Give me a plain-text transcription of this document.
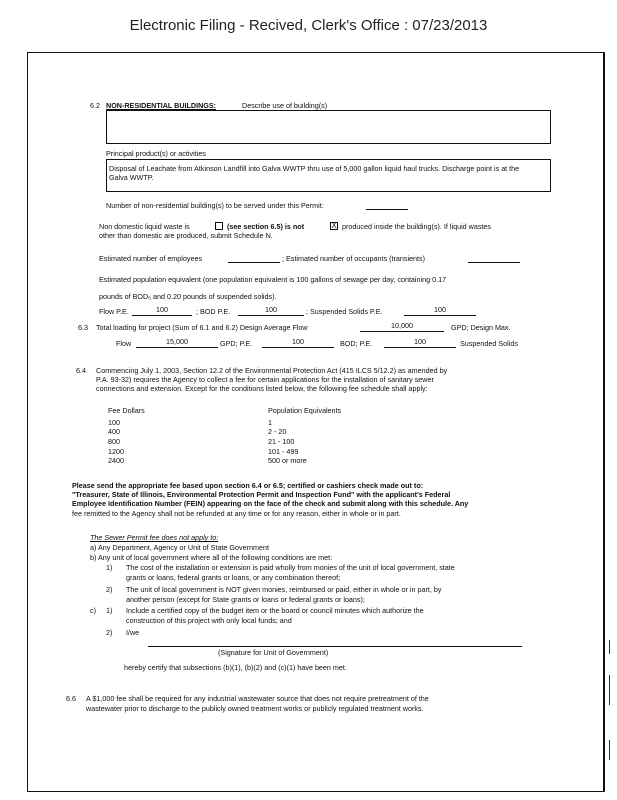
Electronic Filing - Recived, Clerk's Office : 07/23/2013
6.2 NON-RESIDENTIAL BUILDINGS:	Describe use of building(s)
Principal product(s) or activities
Disposal of Leachate from Atkinson Landfill into Galva WWTP thru use of 5,000 gallon liquid haul trucks. Discharge point is at the Galva WWTP.
Number of non-residential building(s) to be served under this Permit:
Non domestic liquid waste is	(see section 6.5) is not	X produced inside the building(s). If liquid wastes
other than domestic are produced, submit Schedule N.
Estimated number of employees	; Estimated number of occupants (transients)
Estimated population equivalent (one population equivalent is 100 gallons of sewage per day, containing 0.17
pounds of BOD₅ and 0.20 pounds of suspended solids).
Flow P.E.	100	; BOD P.E.	100	; Suspended Solids P.E.	100
6.3 Total loading for project (Sum of 6.1 and 6.2) Design Average Flow	10,000	GPD; Design Max.
Flow	15,000	GPD; P.E.	100	BOD; P.E.	100	Suspended Solids
6.4 Commencing July 1, 2003, Section 12.2 of the Environmental Protection Act (415 ILCS 5/12.2) as amended by
P.A. 93-32) requires the Agency to collect a fee for certain applications for the installation of sanitary sewer
connections and extension. Except for the conditions listed below, the following fee schedule shall apply:
Fee Dollars	Population Equivalents
100	1
400	2 - 20
800	21 - 100
1200	101 - 499
2400	500 or more
Please send the appropriate fee based upon section 6.4 or 6.5; certified or cashiers check made out to:
"Treasurer, State of Illinois, Environmental Protection Permit and Inspection Fund" with the applicant's Federal
Employee Identification Number (FEIN) appearing on the face of the check and submit along with this schedule. Any
fee remitted to the Agency shall not be refunded at any time or for any reason, either in whole or in part.
The Sewer Permit fee does not apply to:
a) Any Department, Agency or Unit of State Government
b) Any unit of local government where all of the following conditions are met:
1) The cost of the installation or extension is paid wholly from monies of the unit of local government, state
grants or loans, federal grants or loans, or any combination thereof;
2) The unit of local government is NOT given monies, reimbursed or paid, either in whole or in part, by
another person (except for State grants or loans or federal grants or loans);
c) 1) Include a certified copy of the budget item or the board or council minutes which authorize the
construction of this project with only local funds; and
2) I/we
(Signature for Unit of Government)
hereby certify that subsections (b)(1), (b)(2) and (c)(1) have been met.
6.6 A $1,000 fee shall be required for any industrial wastewater source that does not require pretreatment of the
wastewater prior to discharge to the publicly owned treatment works or publicly regulated treatment works.
